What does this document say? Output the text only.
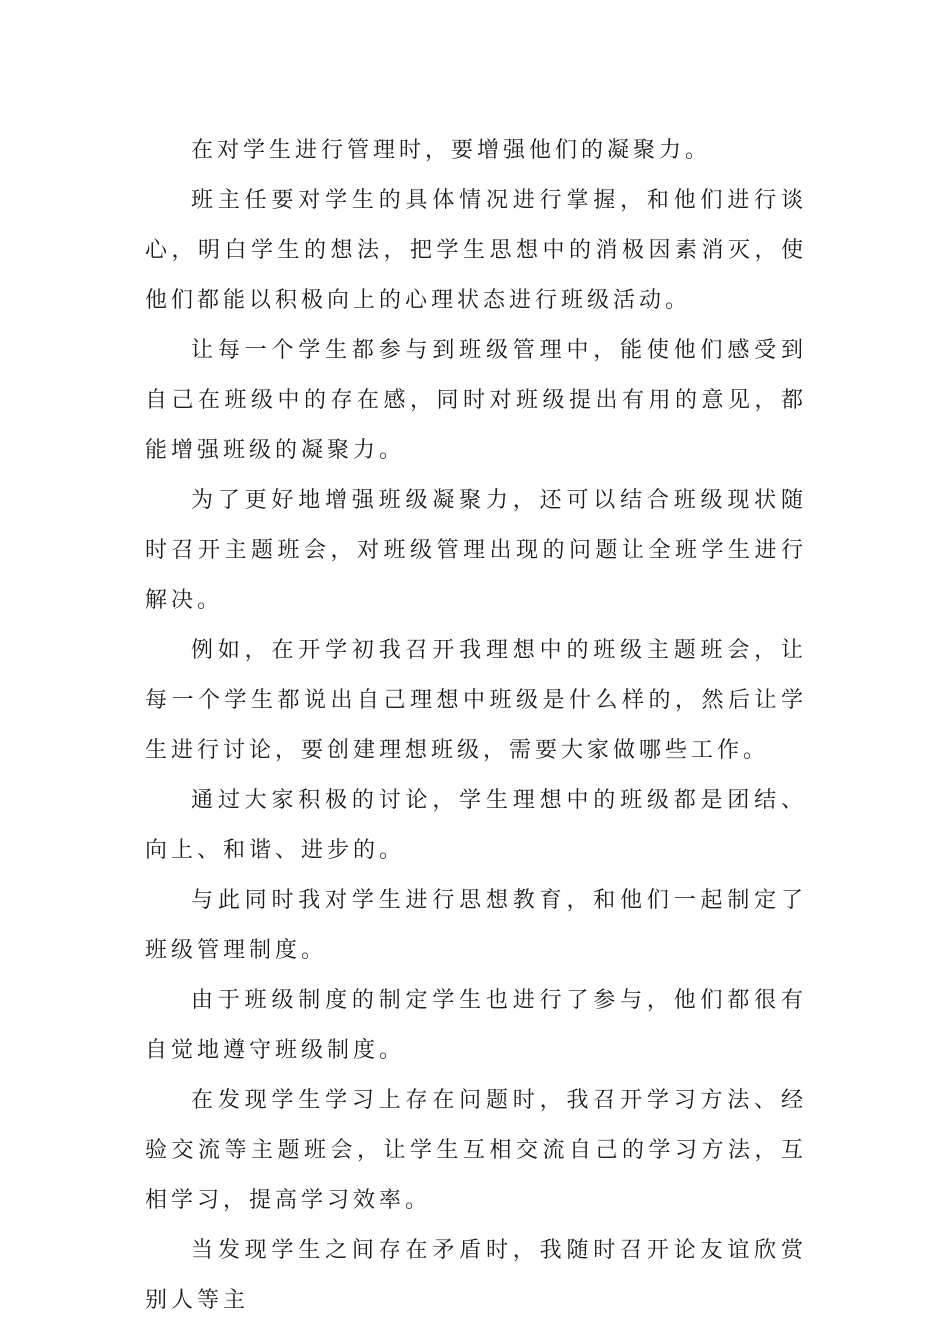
在对学生进行管理时，要增强他们的凝聚力。

班主任要对学生的具体情况进行掌握，和他们进行谈心，明白学生的想法，把学生思想中的消极因素消灭，使他们都能以积极向上的心理状态进行班级活动。

让每一个学生都参与到班级管理中，能使他们感受到自己在班级中的存在感，同时对班级提出有用的意见，都能增强班级的凝聚力。

为了更好地增强班级凝聚力，还可以结合班级现状随时召开主题班会，对班级管理出现的问题让全班学生进行解决。

例如，在开学初我召开我理想中的班级主题班会，让每一个学生都说出自己理想中班级是什么样的，然后让学生进行讨论，要创建理想班级，需要大家做哪些工作。

通过大家积极的讨论，学生理想中的班级都是团结、向上、和谐、进步的。

与此同时我对学生进行思想教育，和他们一起制定了班级管理制度。

由于班级制度的制定学生也进行了参与，他们都很有自觉地遵守班级制度。

在发现学生学习上存在问题时，我召开学习方法、经验交流等主题班会，让学生互相交流自己的学习方法，互相学习，提高学习效率。

当发现学生之间存在矛盾时，我随时召开论友谊欣赏别人等主
